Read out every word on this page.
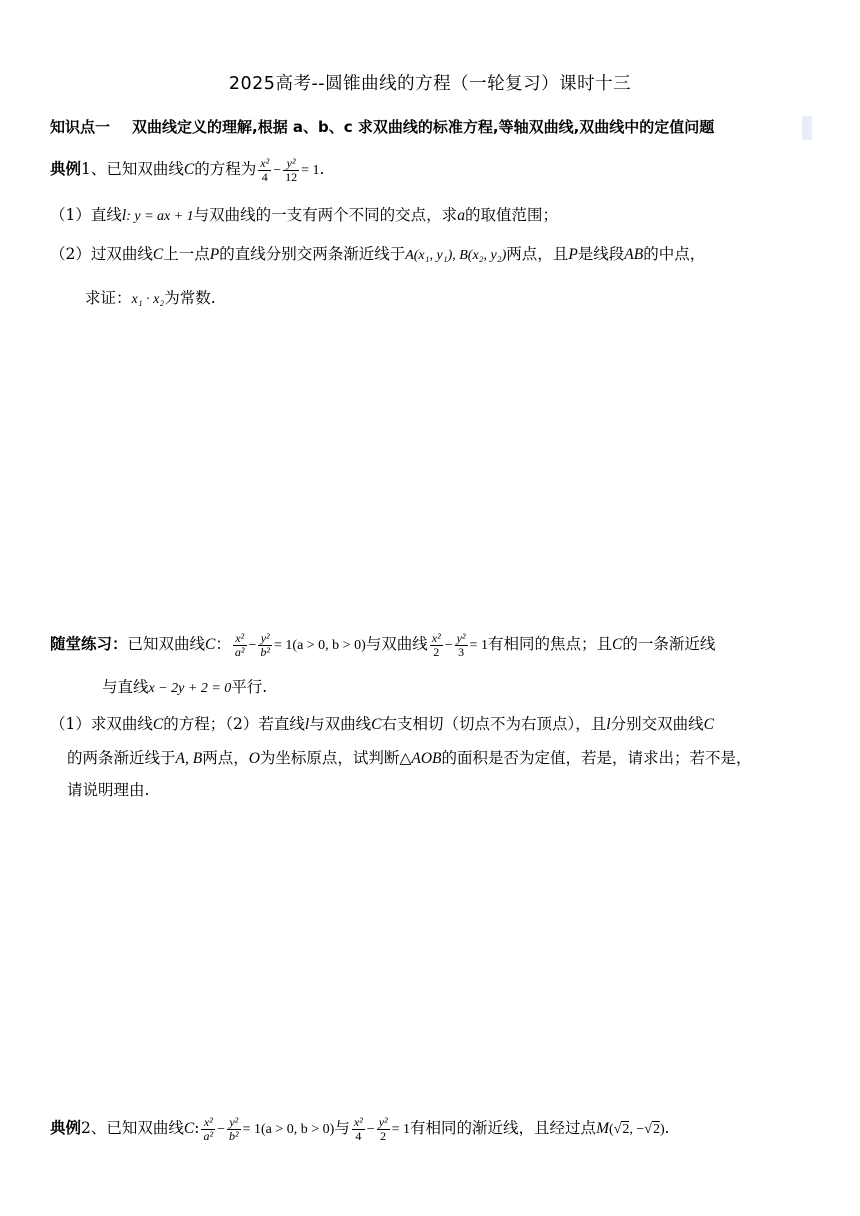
2025高考--圆锥曲线的方程（一轮复习）课时十三
知识点一 双曲线定义的理解,根据 a、b、c 求双曲线的标准方程,等轴双曲线,双曲线中的定值问题
典例1、已知双曲线C的方程为 $\frac{\text{x²}}{4} - \frac{\text{y²}}{12} = 1$.
（1）直线l: y = ax + 1与双曲线的一支有两个不同的交点，求a的取值范围；
（2）过双曲线C上一点P的直线分别交两条渐近线于A(x₁, y₁), B(x₂, y₂)两点，且P是线段AB的中点，
求证：x₁ · x₂为常数.
随堂练习：已知双曲线C： $\frac{\text{x²}}{\text{a²}} - \frac{\text{y²}}{\text{b²}} = 1(a > 0$, b > 0)与双曲线 $\frac{\text{x²}}{2} - \frac{\text{y²}}{3} = 1$有相同的焦点；且C的一条渐近线
与直线x − 2y + 2 = 0平行.
（1）求双曲线C的方程；（2）若直线l与双曲线C右支相切（切点不为右顶点），且l分别交双曲线C
的两条渐近线于A, B两点，O为坐标原点，试判断△AOB的面积是否为定值，若是，请求出；若不是，
请说明理由.
典例2、已知双曲线C: $\frac{\text{x²}}{\text{a²}} - \frac{\text{y²}}{\text{b²}} = 1(a > 0$, b > 0)与 $\frac{\text{x²}}{4} - \frac{\text{y²}}{2} = 1$有相同的渐近线，且经过点M(√2, −√2).
